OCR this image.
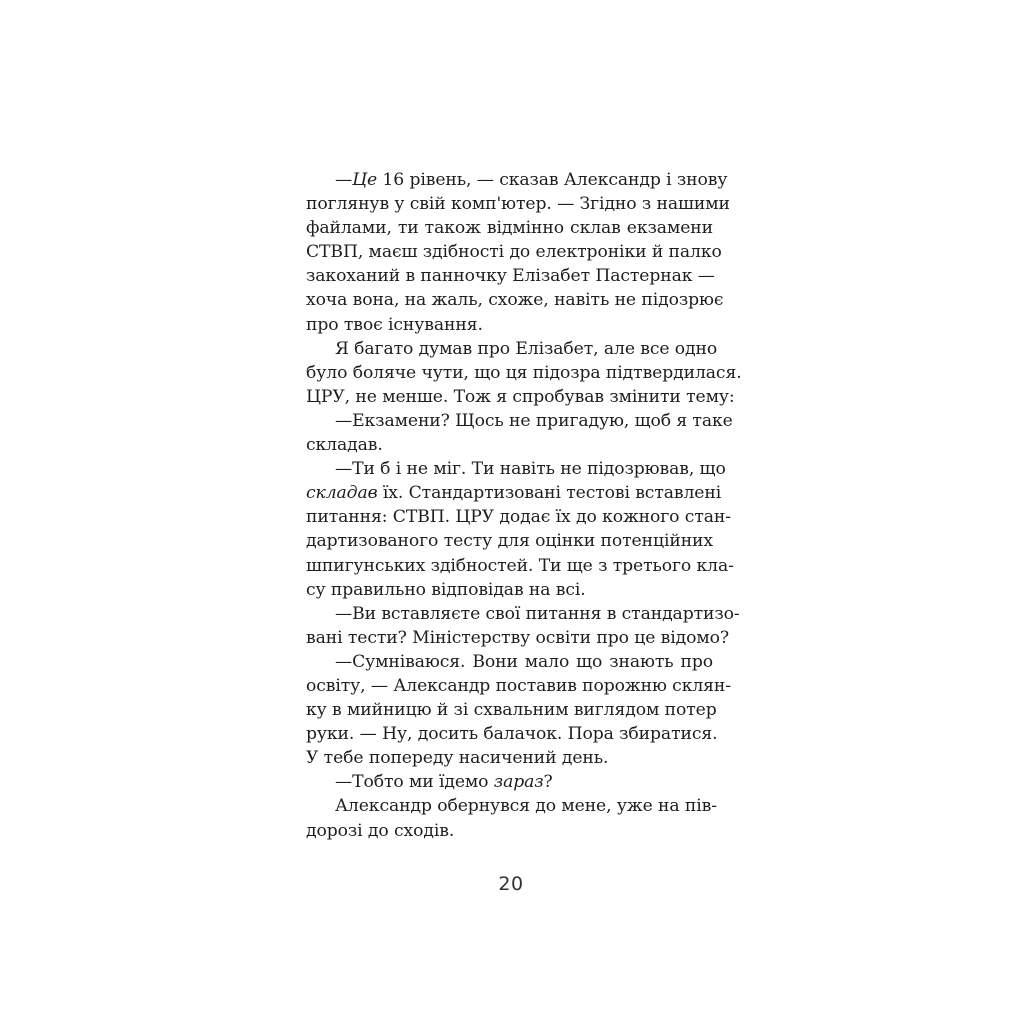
—Це 16 рівень, — сказав Александр і знову
поглянув у свій комп'ютер. — Згідно з нашими
файлами, ти також відмінно склав екзамени
СТВП, маєш здібності до електроніки й палко
закоханий в панночку Елізабет Пастернак —
хоча вона, на жаль, схоже, навіть не підозрює
про твоє існування.
Я багато думав про Елізабет, але все одно
було боляче чути, що ця підозра підтвердилася.
ЦРУ, не менше. Тож я спробував змінити тему:
—Екзамени? Щось не пригадую, щоб я таке
складав.
—Ти б і не міг. Ти навіть не підозрював, що
складав їх. Стандартизовані тестові вставлені
питання: СТВП. ЦРУ додає їх до кожного стан-
дартизованого тесту для оцінки потенційних
шпигунських здібностей. Ти ще з третього кла-
су правильно відповідав на всі.
—Ви вставляєте свої питання в стандартизо-
вані тести? Міністерству освіти про це відомо?
—Сумніваюся. Вони мало що знають про
освіту, — Александр поставив порожню склян-
ку в мийницю й зі схвальним виглядом потер
руки. — Ну, досить балачок. Пора збиратися.
У тебе попереду насичений день.
—Тобто ми їдемо зараз?
Александр обернувся до мене, уже на пів-
дорозі до сходів.
20
